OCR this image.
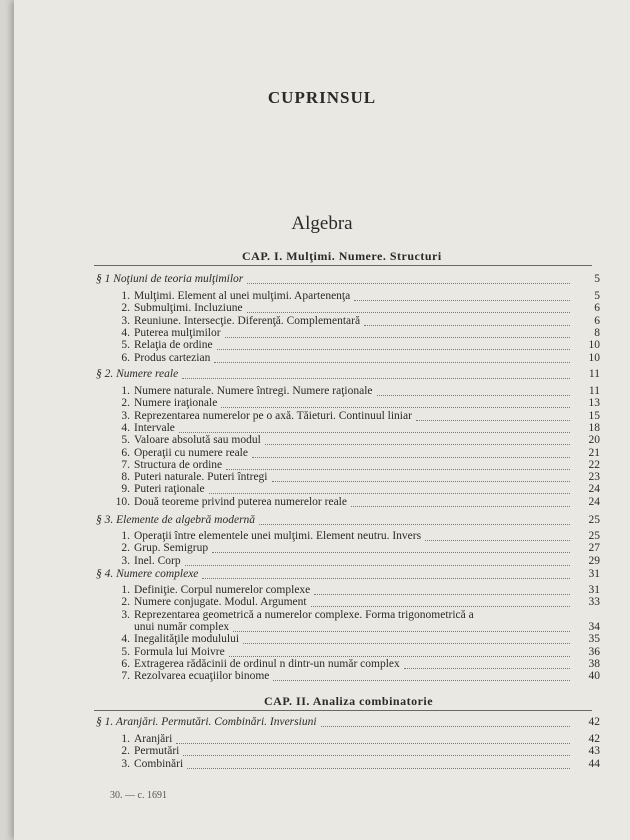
CUPRINSUL
Algebra
CAP. I. Mulţimi. Numere. Structuri
§ 1 Noţiuni de teoria mulţimilor	5
1. Mulţimi. Element al unei mulţimi. Apartenenţa	5
2. Submulţimi. Incluziune	6
3. Reuniune. Intersecţie. Diferenţă. Complementară	6
4. Puterea mulţimilor	8
5. Relaţia de ordine	10
6. Produs cartezian	10
§ 2. Numere reale	11
1. Numere naturale. Numere întregi. Numere raţionale	11
2. Numere iraţionale	13
3. Reprezentarea numerelor pe o axă. Tăieturi. Continuul liniar	15
4. Intervale	18
5. Valoare absolută sau modul	20
6. Operaţii cu numere reale	21
7. Structura de ordine	22
8. Puteri naturale. Puteri întregi	23
9. Puteri raţionale	24
10. Două teoreme privind puterea numerelor reale	24
§ 3. Elemente de algebră modernă	25
1. Operaţii între elementele unei mulţimi. Element neutru. Invers	25
2. Grup. Semigrup	27
3. Inel. Corp	29
§ 4. Numere complexe	31
1. Definiţie. Corpul numerelor complexe	31
2. Numere conjugate. Modul. Argument	33
3. Reprezentarea geometrică a numerelor complexe. Forma trigonometrică a
unui număr complex	34
4. Inegalităţile modulului	35
5. Formula lui Moivre	36
6. Extragerea rădăcinii de ordinul n dintr-un număr complex	38
7. Rezolvarea ecuaţiilor binome	40
CAP. II. Analiza combinatorie
§ 1. Aranjări. Permutări. Combinări. Inversiuni	42
1. Aranjări	42
2. Permutări	43
3. Combinări	44
30. — c. 1691
